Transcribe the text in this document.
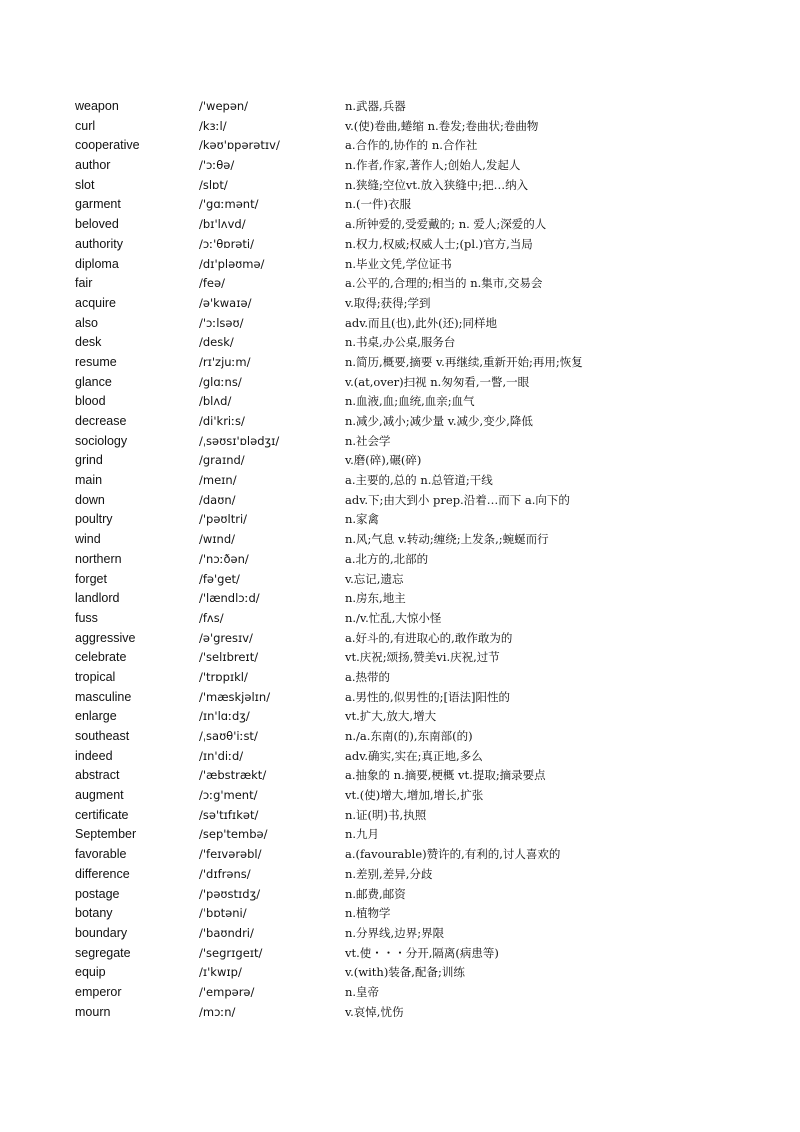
weapon	/'wepən/	n.武器,兵器
curl	/kɜːl/	v.(使)卷曲,蜷缩 n.卷发;卷曲状;卷曲物
cooperative	/kəʊ'ɒpərətɪv/	a.合作的,协作的 n.合作社
author	/'ɔːθə/	n.作者,作家,著作人;创始人,发起人
slot	/slɒt/	n.狭缝;空位vt.放入狭缝中;把…纳入
garment	/'gɑːmənt/	n.(一件)衣服
beloved	/bɪ'lʌvd/	a.所钟爱的,受爱戴的; n. 爱人;深爱的人
authority	/ɔː'θɒrəti/	n.权力,权威;权威人士;(pl.)官方,当局
diploma	/dɪ'pləʊmə/	n.毕业文凭,学位证书
fair	/feə/	a.公平的,合理的;相当的 n.集市,交易会
acquire	/ə'kwaɪə/	v.取得;获得;学到
also	/'ɔːlsəʊ/	adv.而且(也),此外(还);同样地
desk	/desk/	n.书桌,办公桌,服务台
resume	/rɪ'zjuːm/	n.简历,概要,摘要 v.再继续,重新开始;再用;恢复
glance	/glɑːns/	v.(at,over)扫视 n.匆匆看,一瞥,一眼
blood	/blʌd/	n.血液,血;血统,血亲;血气
decrease	/di'kriːs/	n.减少,减小;减少量 v.减少,变少,降低
sociology	/ˌsəʊsɪ'ɒlədʒɪ/	n.社会学
grind	/graɪnd/	v.磨(碎),碾(碎)
main	/meɪn/	a.主要的,总的 n.总管道;干线
down	/daʊn/	adv.下;由大到小 prep.沿着…而下 a.向下的
poultry	/'pəʊltri/	n.家禽
wind	/wɪnd/	n.风;气息 v.转动;缠绕;上发条,;蜿蜒而行
northern	/'nɔːðən/	a.北方的,北部的
forget	/fə'get/	v.忘记,遗忘
landlord	/'lændlɔːd/	n.房东,地主
fuss	/fʌs/	n./v.忙乱,大惊小怪
aggressive	/ə'gresɪv/	a.好斗的,有进取心的,敢作敢为的
celebrate	/'selɪbreɪt/	vt.庆祝;颂扬,赞美vi.庆祝,过节
tropical	/'trɒpɪkl/	a.热带的
masculine	/'mæskjəlɪn/	a.男性的,似男性的;[语法]阳性的
enlarge	/ɪn'lɑːdʒ/	vt.扩大,放大,增大
southeast	/ˌsaʊθ'iːst/	n./a.东南(的),东南部(的)
indeed	/ɪn'diːd/	adv.确实,实在;真正地,多么
abstract	/'æbstrækt/	a.抽象的 n.摘要,梗概 vt.提取;摘录要点
augment	/ɔːg'ment/	vt.(使)增大,增加,增长,扩张
certificate	/sə'tɪfɪkət/	n.证(明)书,执照
September	/sep'tembə/	n.九月
favorable	/'feɪvərəbl/	a.(favourable)赞许的,有利的,讨人喜欢的
difference	/'dɪfrəns/	n.差别,差异,分歧
postage	/'pəʊstɪdʒ/	n.邮费,邮资
botany	/ˈbɒtəni/	n.植物学
boundary	/'baʊndri/	n.分界线,边界;界限
segregate	/'segrɪgeɪt/	vt.使・・・分开,隔离(病患等)
equip	/ɪ'kwɪp/	v.(with)装备,配备;训练
emperor	/'empərə/	n.皇帝
mourn	/mɔːn/	v.哀悼,忧伤
